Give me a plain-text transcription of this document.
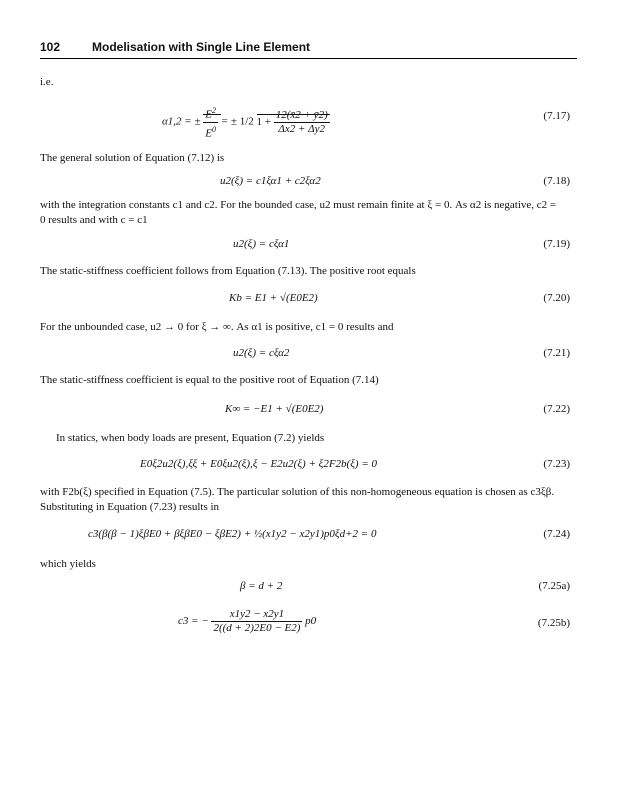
102	Modelisation with Single Line Element
i.e.
α1,2 = ± $\frac{E^2}{E^0}$ = ± 1/2 $1 + \frac{12(x̄2 + ȳ2)}{\Delta x2 + \Delta y2}$	(7.17)
The general solution of Equation (7.12) is
u2(ξ) = c1ξα1 + c2ξα2	(7.18)
with the integration constants c1 and c2. For the bounded case, u2 must remain finite at ξ = 0. As α2 is negative, c2 = 0 results and with c = c1
u2(ξ) = cξα1	(7.19)
The static-stiffness coefficient follows from Equation (7.13). The positive root equals
Kb = E1 + √(E0E2)	(7.20)
For the unbounded case, u2 → 0 for ξ → ∞. As α1 is positive, c1 = 0 results and
u2(ξ) = cξα2	(7.21)
The static-stiffness coefficient is equal to the positive root of Equation (7.14)
K∞ = −E1 + √(E0E2)	(7.22)
In statics, when body loads are present, Equation (7.2) yields
E0ξ2u2(ξ),ξξ + E0ξu2(ξ),ξ − E2u2(ξ) + ξ2F2b(ξ) = 0	(7.23)
with F2b(ξ) specified in Equation (7.5). The particular solution of this non-homogeneous equation is chosen as c3ξβ. Substituting in Equation (7.23) results in
c3(β(β − 1)ξβE0 + βξβE0 − ξβE2) + ½(x1y2 − x2y1)p0ξd+2 = 0	(7.24)
which yields
β = d + 2	(7.25a)
c3 = − $\frac{x1y2 - x2y1}{2((d + 2)2E0 - E2)} p0$	(7.25b)
